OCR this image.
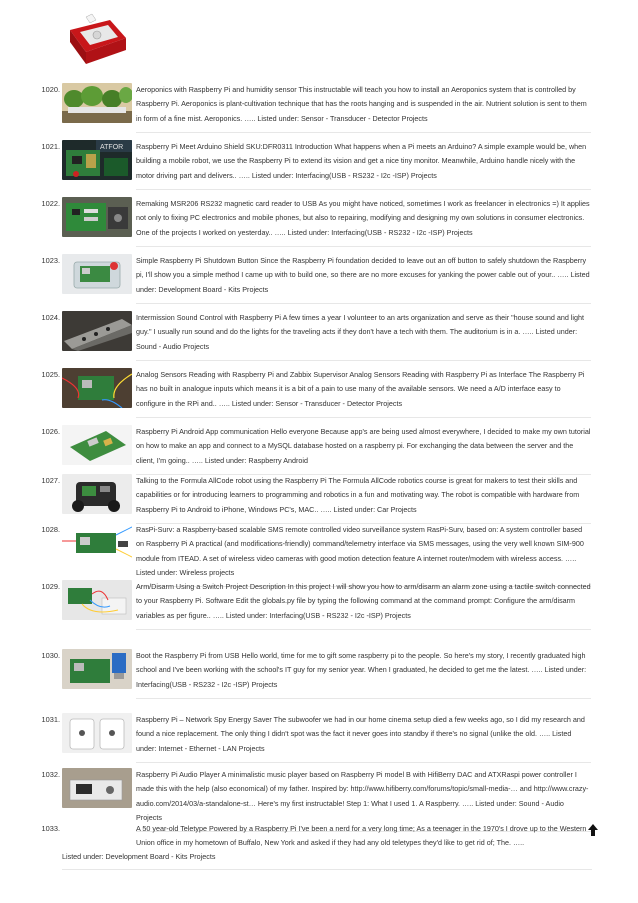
1020.	Aeroponics with Raspberry Pi and humidity sensor This instructable will teach you how to install an Aeroponics system that is controlled by Raspberry Pi. Aeroponics is plant-cultivation technique that has the roots hanging and is suspended in the air. Nutrient solution is sent to them in form of a fine mist. Aeroponics. ….. Listed under: Sensor - Transducer - Detector Projects
1021.	ATFOR Raspberry Pi Meet Arduino Shield SKU:DFR0311 Introduction What happens when a Pi meets an Arduino? A simple example would be, when building a mobile robot, we use the Raspberry Pi to extend its vision and get a nice tiny monitor. Meanwhile, Arduino handle nicely with the motor driving part and delivers.. ….. Listed under: Interfacing(USB - RS232 - I2c -ISP) Projects
1022.	Remaking MSR206 RS232 magnetic card reader to USB As you might have noticed, sometimes I work as freelancer in electronics =) It applies not only to fixing PC electronics and mobile phones, but also to repairing, modifying and designing my own solutions in consumer electronics. One of the projects I worked on yesterday.. ….. Listed under: Interfacing(USB - RS232 - I2c -ISP) Projects
1023.	Simple Raspberry Pi Shutdown Button Since the Raspberry Pi foundation decided to leave out an off button to safely shutdown the Raspberry pi, I'll show you a simple method I came up with to build one, so there are no more excuses for yanking the power cable out of your.. ….. Listed under: Development Board - Kits Projects
1024.	Intermission Sound Control with Raspberry Pi A few times a year I volunteer to an arts organization and serve as their "house sound and light guy." I usually run sound and do the lights for the traveling acts if they don't have a tech with them. The auditorium is in a. ….. Listed under: Sound - Audio Projects
1025.	Analog Sensors Reading with Raspberry Pi and Zabbix Supervisor Analog Sensors Reading with Raspberry Pi as Interface The Raspberry Pi has no built in analogue inputs which means it is a bit of a pain to use many of the available sensors. We need a A/D interface easy to configure in the RPi and.. ….. Listed under: Sensor - Transducer - Detector Projects
1026.	Raspberry Pi Android App communication Hello everyone Because app's are being used almost everywhere, I decided to make my own tutorial on how to make an app and connect to a MySQL database hosted on a raspberry pi. For exchanging the data between the server and the client, I'm going.. ….. Listed under: Raspberry Android
1027.	Talking to the Formula AllCode robot using the Raspberry Pi The Formula AllCode robotics course is great for makers to test their skills and capabilities or for introducing learners to programming and robotics in a fun and motivating way. The robot is compatible with hardware from Raspberry Pi to Android to iPhone, Windows PC's, MAC.. ….. Listed under: Car Projects
1028.	RasPi-Surv: a Raspberry-based scalable SMS remote controlled video surveillance system RasPi-Surv, based on: A system controller based on Raspberry Pi A practical (and modifications-friendly) command/telemetry interface via SMS messages, using the very well known SIM-900 module from ITEAD. A set of wireless video cameras with good motion detection feature A internet router/modem with wireless access. ….. Listed under: Wireless projects
1029.	Arm/Disarm Using a Switch Project Description In this project I will show you how to arm/disarm an alarm zone using a tactile switch connected to your Raspberry Pi. Software Edit the globals.py file by typing the following command at the command prompt: Configure the arm/disarm variables as per figure.. ….. Listed under: Interfacing(USB - RS232 - I2c -ISP) Projects
1030.	Boot the Raspberry Pi from USB Hello world, time for me to gift some raspberry pi to the people. So here's my story, I recently graduated high school and I've been working with the school's IT guy for my senior year. When I graduated, he decided to get me the latest. ….. Listed under: Interfacing(USB - RS232 - I2c -ISP) Projects
1031.	Raspberry Pi – Network Spy Energy Saver The subwoofer we had in our home cinema setup died a few weeks ago, so I did my research and found a nice replacement. The only thing I didn't spot was the fact it never goes into standby if there's no signal (unlike the old. ….. Listed under: Internet - Ethernet - LAN Projects
1032.	Raspberry Pi Audio Player A minimalistic music player based on Raspberry Pi model B with HifiBerry DAC and ATXRaspi power controller I made this with the help (also economical) of my father. Inspired by: http://www.hifiberry.com/forums/topic/small-media-… and http://www.crazy-audio.com/2014/03/a-standalone-st… Here's my first instructable! Step 1: What I used 1. A Raspberry. ….. Listed under: Sound - Audio Projects
1033.	A 50 year-old Teletype Powered by a Raspberry Pi I've been a nerd for a very long time; As a teenager in the 1970's I drove up to the Western Union office in my hometown of Buffalo, New York and asked if they had any old teletypes they'd like to get rid of; The. …..
Listed under: Development Board - Kits Projects
